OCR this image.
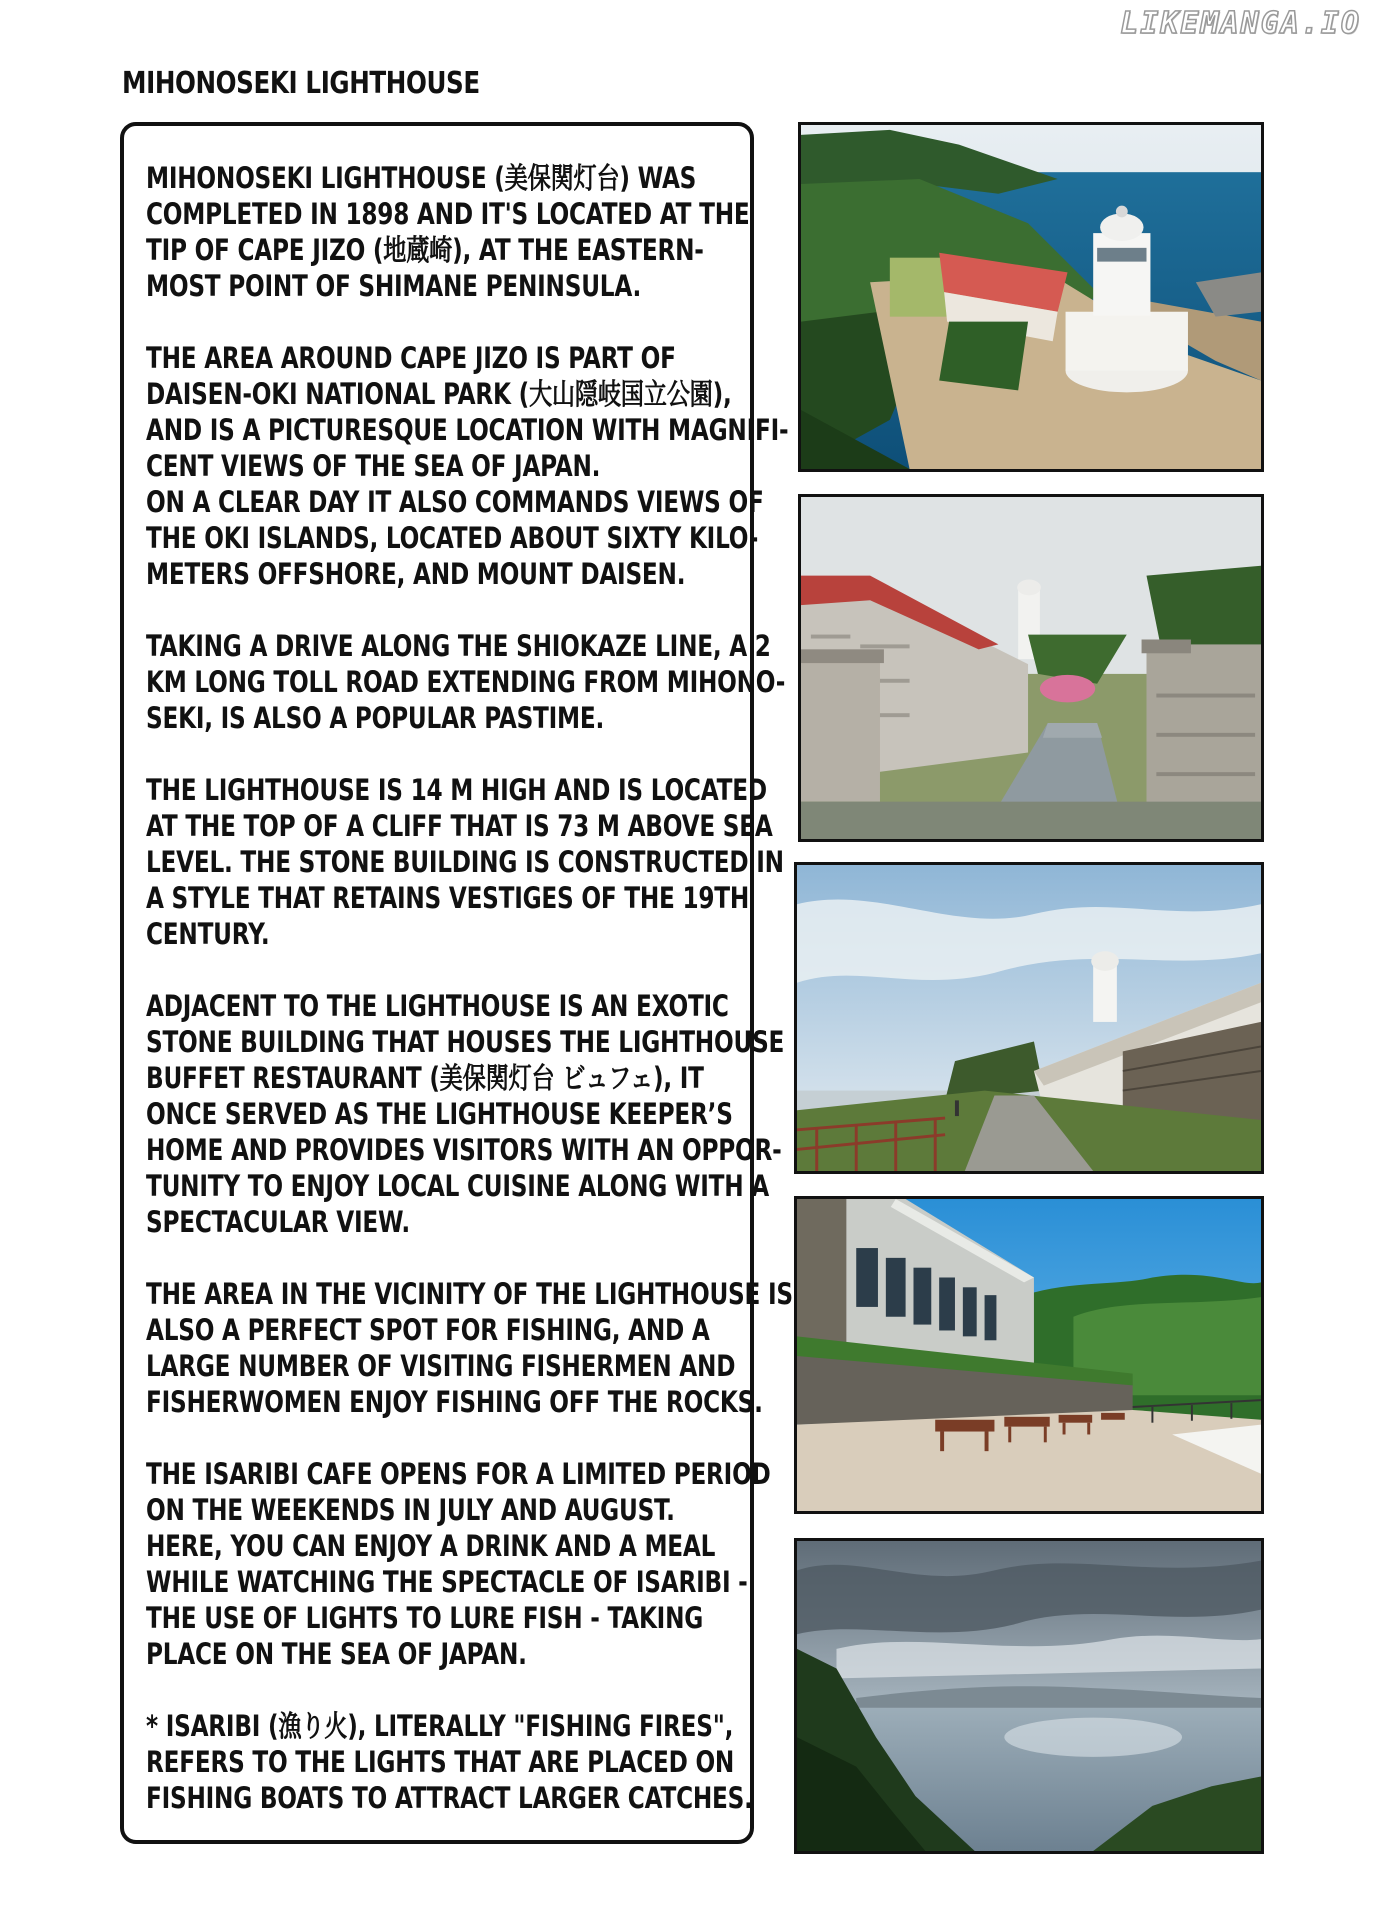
LIKEMANGA.IO
MIHONOSEKI LIGHTHOUSE
MIHONOSEKI LIGHTHOUSE (美保関灯台) WAS
COMPLETED IN 1898 AND IT'S LOCATED AT THE
TIP OF CAPE JIZO (地蔵崎), AT THE EASTERN-
MOST POINT OF SHIMANE PENINSULA.
THE AREA AROUND CAPE JIZO IS PART OF
DAISEN-OKI NATIONAL PARK (大山隠岐国立公園),
AND IS A PICTURESQUE LOCATION WITH MAGNIFI-
CENT VIEWS OF THE SEA OF JAPAN.
ON A CLEAR DAY IT ALSO COMMANDS VIEWS OF
THE OKI ISLANDS, LOCATED ABOUT SIXTY KILO-
METERS OFFSHORE, AND MOUNT DAISEN.
TAKING A DRIVE ALONG THE SHIOKAZE LINE, A 2
KM LONG TOLL ROAD EXTENDING FROM MIHONO-
SEKI, IS ALSO A POPULAR PASTIME.
THE LIGHTHOUSE IS 14 M HIGH AND IS LOCATED
AT THE TOP OF A CLIFF THAT IS 73 M ABOVE SEA
LEVEL. THE STONE BUILDING IS CONSTRUCTED IN
A STYLE THAT RETAINS VESTIGES OF THE 19TH
CENTURY.
ADJACENT TO THE LIGHTHOUSE IS AN EXOTIC
STONE BUILDING THAT HOUSES THE LIGHTHOUSE
BUFFET RESTAURANT (美保関灯台 ビュフェ), IT
ONCE SERVED AS THE LIGHTHOUSE KEEPER’S
HOME AND PROVIDES VISITORS WITH AN OPPOR-
TUNITY TO ENJOY LOCAL CUISINE ALONG WITH A
SPECTACULAR VIEW.
THE AREA IN THE VICINITY OF THE LIGHTHOUSE IS
ALSO A PERFECT SPOT FOR FISHING, AND A
LARGE NUMBER OF VISITING FISHERMEN AND
FISHERWOMEN ENJOY FISHING OFF THE ROCKS.
THE ISARIBI CAFE OPENS FOR A LIMITED PERIOD
ON THE WEEKENDS IN JULY AND AUGUST.
HERE, YOU CAN ENJOY A DRINK AND A MEAL
WHILE WATCHING THE SPECTACLE OF ISARIBI -
THE USE OF LIGHTS TO LURE FISH - TAKING
PLACE ON THE SEA OF JAPAN.
* ISARIBI (漁り火), LITERALLY "FISHING FIRES",
REFERS TO THE LIGHTS THAT ARE PLACED ON
FISHING BOATS TO ATTRACT LARGER CATCHES.
